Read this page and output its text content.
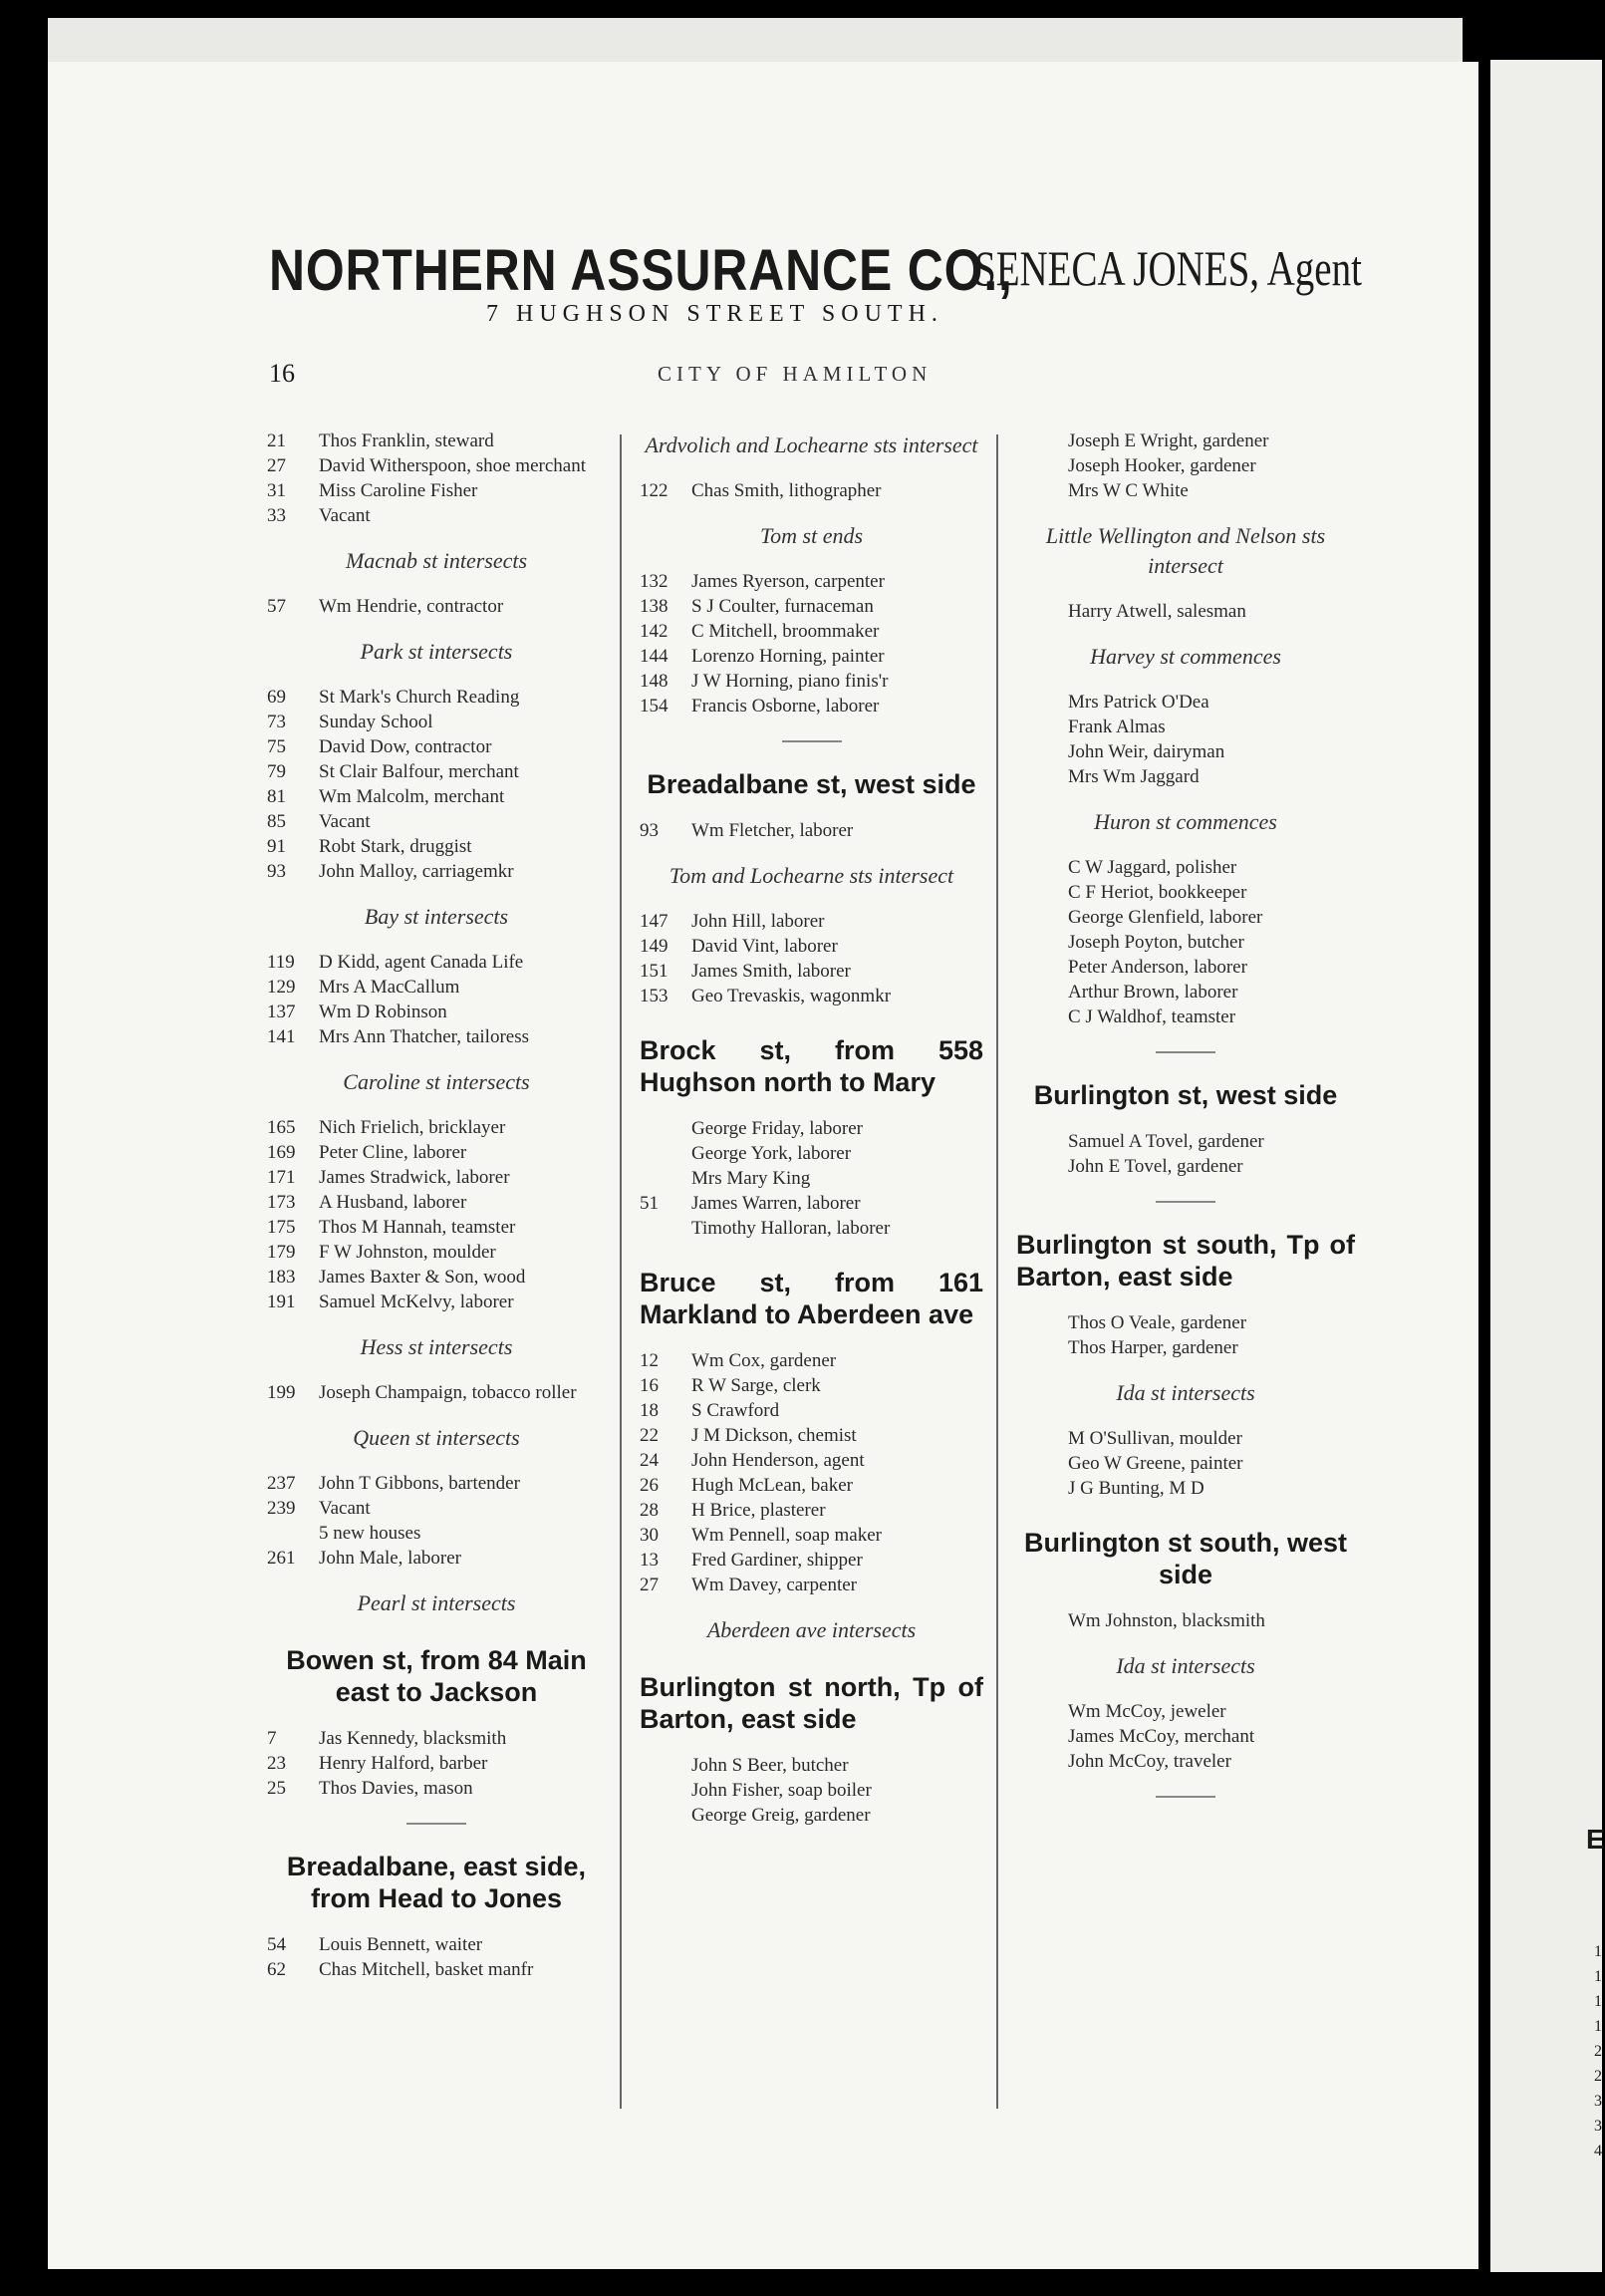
E
1
1
1
1
2
2
3
3
4
NORTHERN ASSURANCE CO.,
SENECA JONES, Agent
7 HUGHSON STREET SOUTH.
16	CITY OF HAMILTON
21 Thos Franklin, steward
27 David Witherspoon, shoe merchant
31 Miss Caroline Fisher
33 Vacant
Macnab st intersects
57 Wm Hendrie, contractor
Park st intersects
69 St Mark's Church Reading
73 Sunday School
75 David Dow, contractor
79 St Clair Balfour, merchant
81 Wm Malcolm, merchant
85 Vacant
91 Robt Stark, druggist
93 John Malloy, carriagemkr
Bay st intersects
119 D Kidd, agent Canada Life
129 Mrs A MacCallum
137 Wm D Robinson
141 Mrs Ann Thatcher, tailoress
Caroline st intersects
165 Nich Frielich, bricklayer
169 Peter Cline, laborer
171 James Stradwick, laborer
173 A Husband, laborer
175 Thos M Hannah, teamster
179 F W Johnston, moulder
183 James Baxter & Son, wood
191 Samuel McKelvy, laborer
Hess st intersects
199 Joseph Champaign, tobacco roller
Queen st intersects
237 John T Gibbons, bartender
239 Vacant
5 new houses
261 John Male, laborer
Pearl st intersects
Bowen st, from 84 Main east to Jackson
7 Jas Kennedy, blacksmith
23 Henry Halford, barber
25 Thos Davies, mason
Breadalbane, east side, from Head to Jones
54 Louis Bennett, waiter
62 Chas Mitchell, basket manfr
Ardvolich and Lochearne sts intersect
122 Chas Smith, lithographer
Tom st ends
132 James Ryerson, carpenter
138 S J Coulter, furnaceman
142 C Mitchell, broommaker
144 Lorenzo Horning, painter
148 J W Horning, piano finis'r
154 Francis Osborne, laborer
Breadalbane st, west side
93 Wm Fletcher, laborer
Tom and Lochearne sts intersect
147 John Hill, laborer
149 David Vint, laborer
151 James Smith, laborer
153 Geo Trevaskis, wagonmkr
Brock st, from 558 Hughson north to Mary
George Friday, laborer
George York, laborer
Mrs Mary King
51 James Warren, laborer
Timothy Halloran, laborer
Bruce st, from 161 Markland to Aberdeen ave
12 Wm Cox, gardener
16 R W Sarge, clerk
18 S Crawford
22 J M Dickson, chemist
24 John Henderson, agent
26 Hugh McLean, baker
28 H Brice, plasterer
30 Wm Pennell, soap maker
13 Fred Gardiner, shipper
27 Wm Davey, carpenter
Aberdeen ave intersects
Burlington st north, Tp of Barton, east side
John S Beer, butcher
John Fisher, soap boiler
George Greig, gardener
Joseph E Wright, gardener
Joseph Hooker, gardener
Mrs W C White
Little Wellington and Nelson sts intersect
Harry Atwell, salesman
Harvey st commences
Mrs Patrick O'Dea
Frank Almas
John Weir, dairyman
Mrs Wm Jaggard
Huron st commences
C W Jaggard, polisher
C F Heriot, bookkeeper
George Glenfield, laborer
Joseph Poyton, butcher
Peter Anderson, laborer
Arthur Brown, laborer
C J Waldhof, teamster
Burlington st, west side
Samuel A Tovel, gardener
John E Tovel, gardener
Burlington st south, Tp of Barton, east side
Thos O Veale, gardener
Thos Harper, gardener
Ida st intersects
M O'Sullivan, moulder
Geo W Greene, painter
J G Bunting, M D
Burlington st south, west side
Wm Johnston, blacksmith
Ida st intersects
Wm McCoy, jeweler
James McCoy, merchant
John McCoy, traveler
